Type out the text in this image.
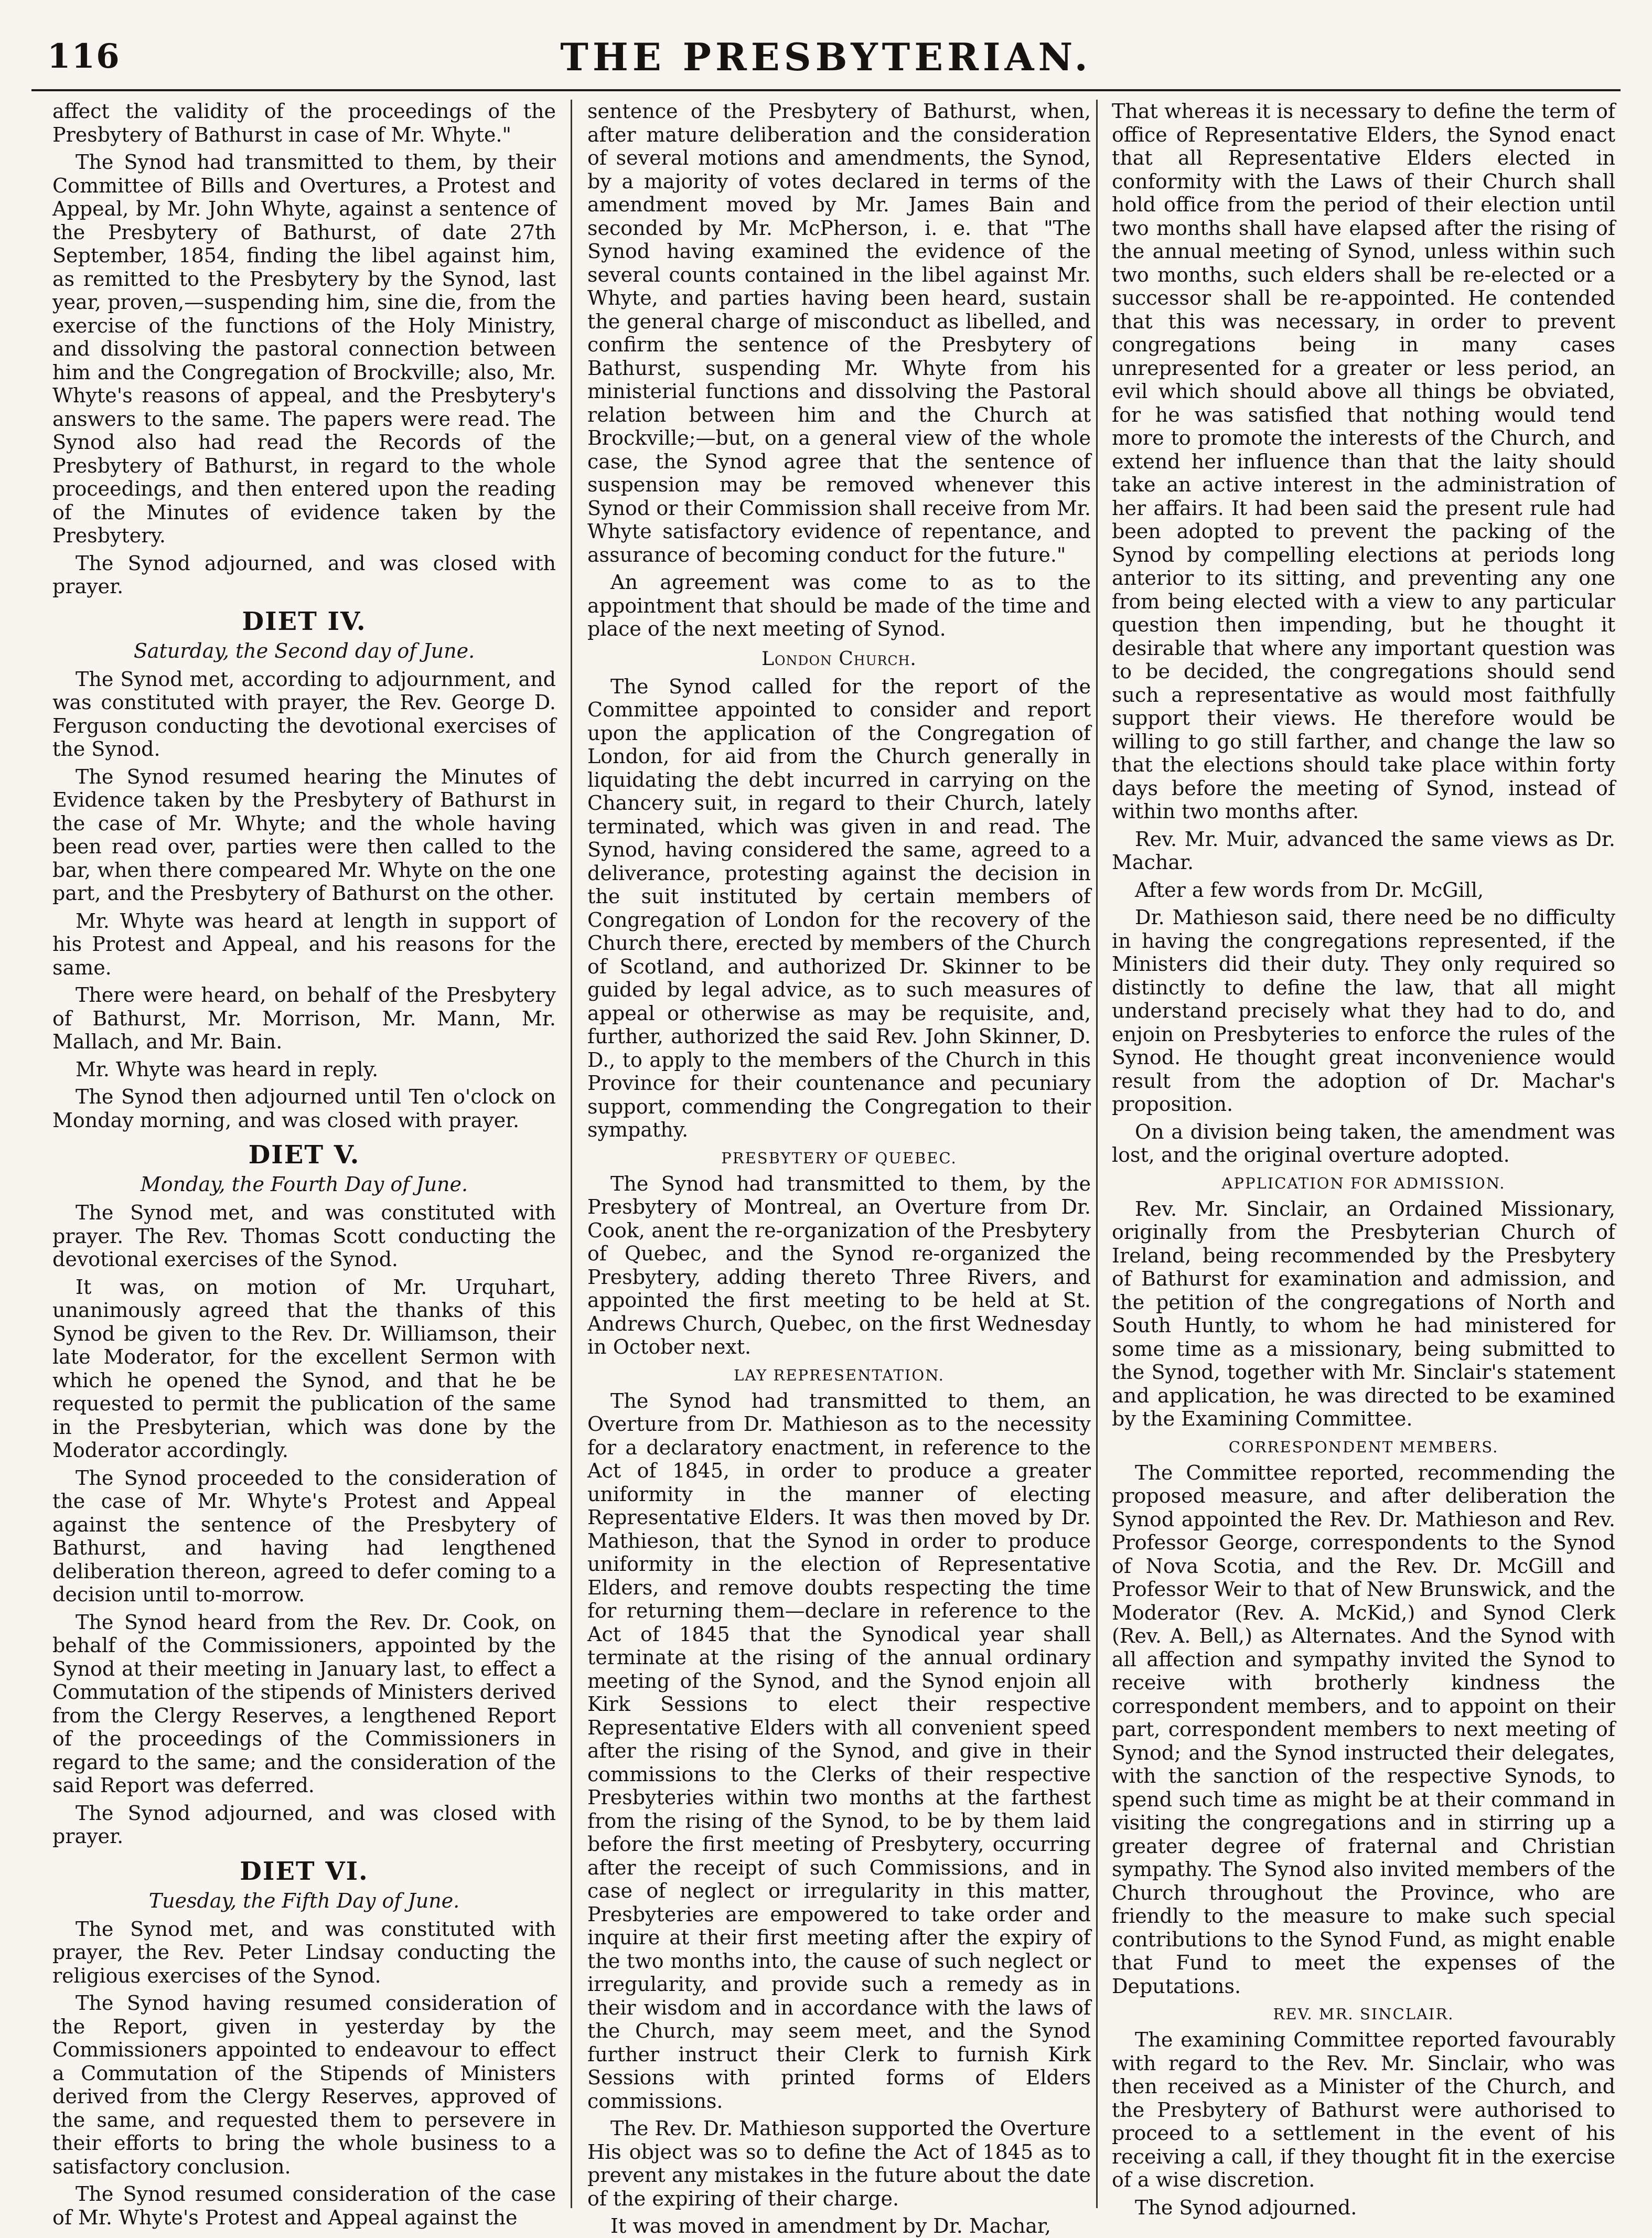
116	THE PRESBYTERIAN.

affect the validity of the proceedings of the Presbytery of Bathurst in case of Mr. Whyte."

The Synod had transmitted to them, by their Committee of Bills and Overtures, a Protest and Appeal, by Mr. John Whyte, against a sentence of the Presbytery of Bathurst, of date 27th September, 1854, finding the libel against him, as remitted to the Presbytery by the Synod, last year, proven,—suspending him, sine die, from the exercise of the functions of the Holy Ministry, and dissolving the pastoral connection between him and the Congregation of Brockville; also, Mr. Whyte's reasons of appeal, and the Presbytery's answers to the same. The papers were read. The Synod also had read the Records of the Presbytery of Bathurst, in regard to the whole proceedings, and then entered upon the reading of the Minutes of evidence taken by the Presbytery.

The Synod adjourned, and was closed with prayer.

DIET IV.
Saturday, the Second day of June.

The Synod met, according to adjournment, and was constituted with prayer, the Rev. George D. Ferguson conducting the devotional exercises of the Synod.

The Synod resumed hearing the Minutes of Evidence taken by the Presbytery of Bathurst in the case of Mr. Whyte; and the whole having been read over, parties were then called to the bar, when there compeared Mr. Whyte on the one part, and the Presbytery of Bathurst on the other.

Mr. Whyte was heard at length in support of his Protest and Appeal, and his reasons for the same.

There were heard, on behalf of the Presbytery of Bathurst, Mr. Morrison, Mr. Mann, Mr. Mallach, and Mr. Bain.

Mr. Whyte was heard in reply.

The Synod then adjourned until Ten o'clock on Monday morning, and was closed with prayer.

DIET V.
Monday, the Fourth Day of June.

The Synod met, and was constituted with prayer. The Rev. Thomas Scott conducting the devotional exercises of the Synod.

It was, on motion of Mr. Urquhart, unanimously agreed that the thanks of this Synod be given to the Rev. Dr. Williamson, their late Moderator, for the excellent Sermon with which he opened the Synod, and that he be requested to permit the publication of the same in the Presbyterian, which was done by the Moderator accordingly.

The Synod proceeded to the consideration of the case of Mr. Whyte's Protest and Appeal against the sentence of the Presbytery of Bathurst, and having had lengthened deliberation thereon, agreed to defer coming to a decision until to-morrow.

The Synod heard from the Rev. Dr. Cook, on behalf of the Commissioners, appointed by the Synod at their meeting in January last, to effect a Commutation of the stipends of Ministers derived from the Clergy Reserves, a lengthened Report of the proceedings of the Commissioners in regard to the same; and the consideration of the said Report was deferred.

The Synod adjourned, and was closed with prayer.

DIET VI.
Tuesday, the Fifth Day of June.

The Synod met, and was constituted with prayer, the Rev. Peter Lindsay conducting the religious exercises of the Synod.

The Synod having resumed consideration of the Report, given in yesterday by the Commissioners appointed to endeavour to effect a Commutation of the Stipends of Ministers derived from the Clergy Reserves, approved of the same, and requested them to persevere in their efforts to bring the whole business to a satisfactory conclusion.

The Synod resumed consideration of the case of Mr. Whyte's Protest and Appeal against the

sentence of the Presbytery of Bathurst, when, after mature deliberation and the consideration of several motions and amendments, the Synod, by a majority of votes declared in terms of the amendment moved by Mr. James Bain and seconded by Mr. McPherson, i. e. that "The Synod having examined the evidence of the several counts contained in the libel against Mr. Whyte, and parties having been heard, sustain the general charge of misconduct as libelled, and confirm the sentence of the Presbytery of Bathurst, suspending Mr. Whyte from his ministerial functions and dissolving the Pastoral relation between him and the Church at Brockville;—but, on a general view of the whole case, the Synod agree that the sentence of suspension may be removed whenever this Synod or their Commission shall receive from Mr. Whyte satisfactory evidence of repentance, and assurance of becoming conduct for the future."

An agreement was come to as to the appointment that should be made of the time and place of the next meeting of Synod.

London Church.

The Synod called for the report of the Committee appointed to consider and report upon the application of the Congregation of London, for aid from the Church generally in liquidating the debt incurred in carrying on the Chancery suit, in regard to their Church, lately terminated, which was given in and read. The Synod, having considered the same, agreed to a deliverance, protesting against the decision in the suit instituted by certain members of Congregation of London for the recovery of the Church there, erected by members of the Church of Scotland, and authorized Dr. Skinner to be guided by legal advice, as to such measures of appeal or otherwise as may be requisite, and, further, authorized the said Rev. John Skinner, D. D., to apply to the members of the Church in this Province for their countenance and pecuniary support, commending the Congregation to their sympathy.

PRESBYTERY OF QUEBEC.

The Synod had transmitted to them, by the Presbytery of Montreal, an Overture from Dr. Cook, anent the re-organization of the Presbytery of Quebec, and the Synod re-organized the Presbytery, adding thereto Three Rivers, and appointed the first meeting to be held at St. Andrews Church, Quebec, on the first Wednesday in October next.

LAY REPRESENTATION.

The Synod had transmitted to them, an Overture from Dr. Mathieson as to the necessity for a declaratory enactment, in reference to the Act of 1845, in order to produce a greater uniformity in the manner of electing Representative Elders. It was then moved by Dr. Mathieson, that the Synod in order to produce uniformity in the election of Representative Elders, and remove doubts respecting the time for returning them—declare in reference to the Act of 1845 that the Synodical year shall terminate at the rising of the annual ordinary meeting of the Synod, and the Synod enjoin all Kirk Sessions to elect their respective Representative Elders with all convenient speed after the rising of the Synod, and give in their commissions to the Clerks of their respective Presbyteries within two months at the farthest from the rising of the Synod, to be by them laid before the first meeting of Presbytery, occurring after the receipt of such Commissions, and in case of neglect or irregularity in this matter, Presbyteries are empowered to take order and inquire at their first meeting after the expiry of the two months into, the cause of such neglect or irregularity, and provide such a remedy as in their wisdom and in accordance with the laws of the Church, may seem meet, and the Synod further instruct their Clerk to furnish Kirk Sessions with printed forms of Elders commissions.

The Rev. Dr. Mathieson supported the Overture His object was so to define the Act of 1845 as to prevent any mistakes in the future about the date of the expiring of their charge.

It was moved in amendment by Dr. Machar,

That whereas it is necessary to define the term of office of Representative Elders, the Synod enact that all Representative Elders elected in conformity with the Laws of their Church shall hold office from the period of their election until two months shall have elapsed after the rising of the annual meeting of Synod, unless within such two months, such elders shall be re-elected or a successor shall be re-appointed. He contended that this was necessary, in order to prevent congregations being in many cases unrepresented for a greater or less period, an evil which should above all things be obviated, for he was satisfied that nothing would tend more to promote the interests of the Church, and extend her influence than that the laity should take an active interest in the administration of her affairs. It had been said the present rule had been adopted to prevent the packing of the Synod by compelling elections at periods long anterior to its sitting, and preventing any one from being elected with a view to any particular question then impending, but he thought it desirable that where any important question was to be decided, the congregations should send such a representative as would most faithfully support their views. He therefore would be willing to go still farther, and change the law so that the elections should take place within forty days before the meeting of Synod, instead of within two months after.

Rev. Mr. Muir, advanced the same views as Dr. Machar.

After a few words from Dr. McGill,

Dr. Mathieson said, there need be no difficulty in having the congregations represented, if the Ministers did their duty. They only required so distinctly to define the law, that all might understand precisely what they had to do, and enjoin on Presbyteries to enforce the rules of the Synod. He thought great inconvenience would result from the adoption of Dr. Machar's proposition.

On a division being taken, the amendment was lost, and the original overture adopted.

APPLICATION FOR ADMISSION.

Rev. Mr. Sinclair, an Ordained Missionary, originally from the Presbyterian Church of Ireland, being recommended by the Presbytery of Bathurst for examination and admission, and the petition of the congregations of North and South Huntly, to whom he had ministered for some time as a missionary, being submitted to the Synod, together with Mr. Sinclair's statement and application, he was directed to be examined by the Examining Committee.

CORRESPONDENT MEMBERS.

The Committee reported, recommending the proposed measure, and after deliberation the Synod appointed the Rev. Dr. Mathieson and Rev. Professor George, correspondents to the Synod of Nova Scotia, and the Rev. Dr. McGill and Professor Weir to that of New Brunswick, and the Moderator (Rev. A. McKid,) and Synod Clerk (Rev. A. Bell,) as Alternates. And the Synod with all affection and sympathy invited the Synod to receive with brotherly kindness the correspondent members, and to appoint on their part, correspondent members to next meeting of Synod; and the Synod instructed their delegates, with the sanction of the respective Synods, to spend such time as might be at their command in visiting the congregations and in stirring up a greater degree of fraternal and Christian sympathy. The Synod also invited members of the Church throughout the Province, who are friendly to the measure to make such special contributions to the Synod Fund, as might enable that Fund to meet the expenses of the Deputations.

REV. MR. SINCLAIR.

The examining Committee reported favourably with regard to the Rev. Mr. Sinclair, who was then received as a Minister of the Church, and the Presbytery of Bathurst were authorised to proceed to a settlement in the event of his receiving a call, if they thought fit in the exercise of a wise discretion.

The Synod adjourned.
